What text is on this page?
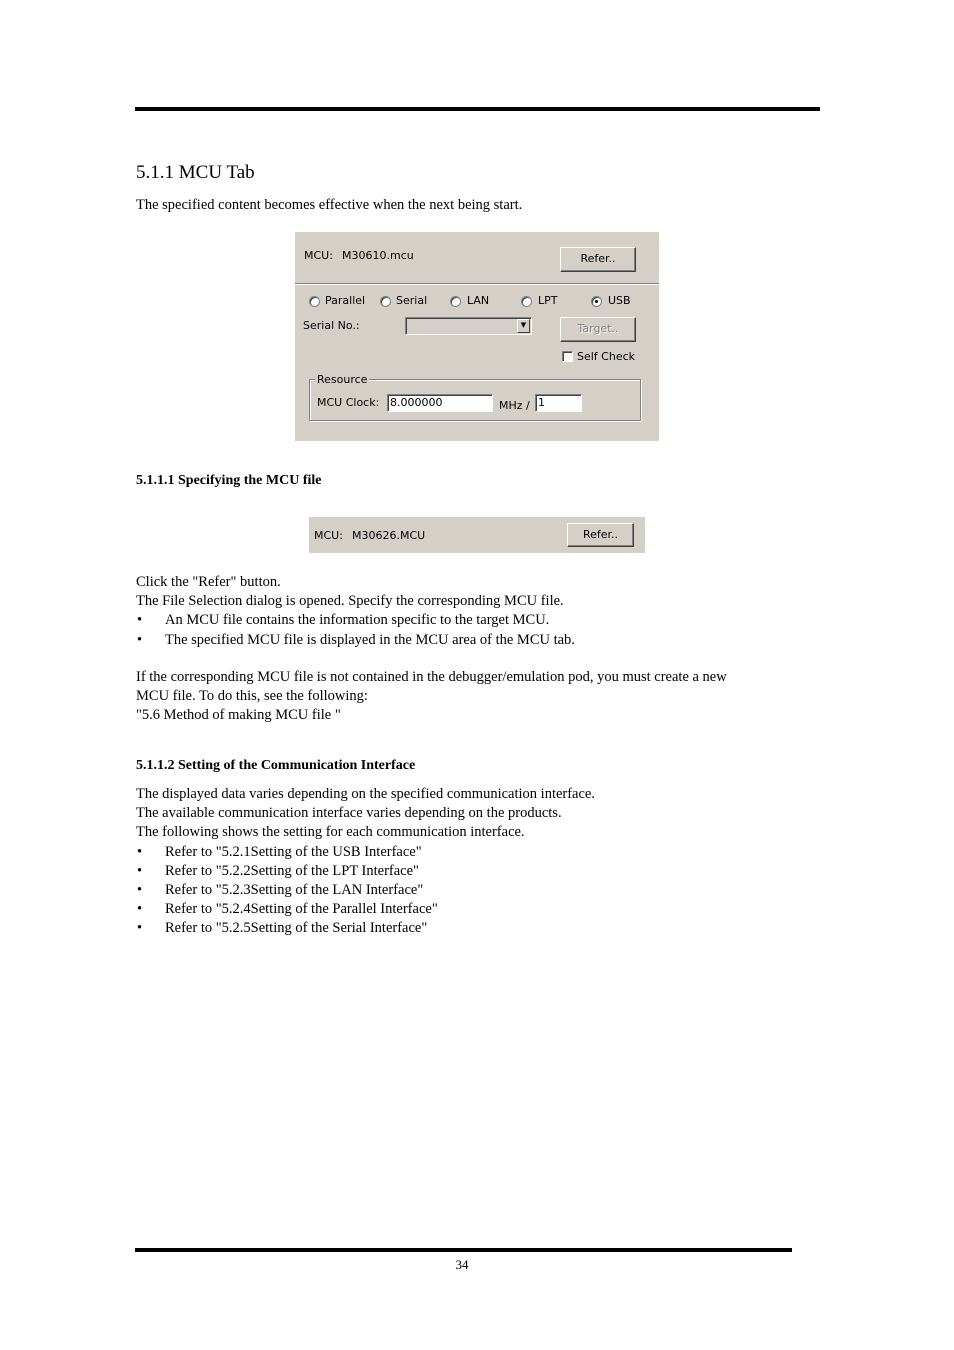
5.1.1 MCU Tab
The specified content becomes effective when the next being start.
MCU: M30610.mcu	Refer..
Parallel	Serial	LAN	LPT	USB
Serial No.:	▼	Target..
Self Check
Resource
MCU Clock: 8.000000	MHz / 1
5.1.1.1 Specifying the MCU file
MCU: M30626.MCU	Refer..
Click the "Refer" button.
The File Selection dialog is opened. Specify the corresponding MCU file.
• An MCU file contains the information specific to the target MCU.
• The specified MCU file is displayed in the MCU area of the MCU tab.
If the corresponding MCU file is not contained in the debugger/emulation pod, you must create a new
MCU file. To do this, see the following:
"5.6 Method of making MCU file "
5.1.1.2 Setting of the Communication Interface
The displayed data varies depending on the specified communication interface.
The available communication interface varies depending on the products.
The following shows the setting for each communication interface.
• Refer to "5.2.1Setting of the USB Interface"
• Refer to "5.2.2Setting of the LPT Interface"
• Refer to "5.2.3Setting of the LAN Interface"
• Refer to "5.2.4Setting of the Parallel Interface"
• Refer to "5.2.5Setting of the Serial Interface"
34
